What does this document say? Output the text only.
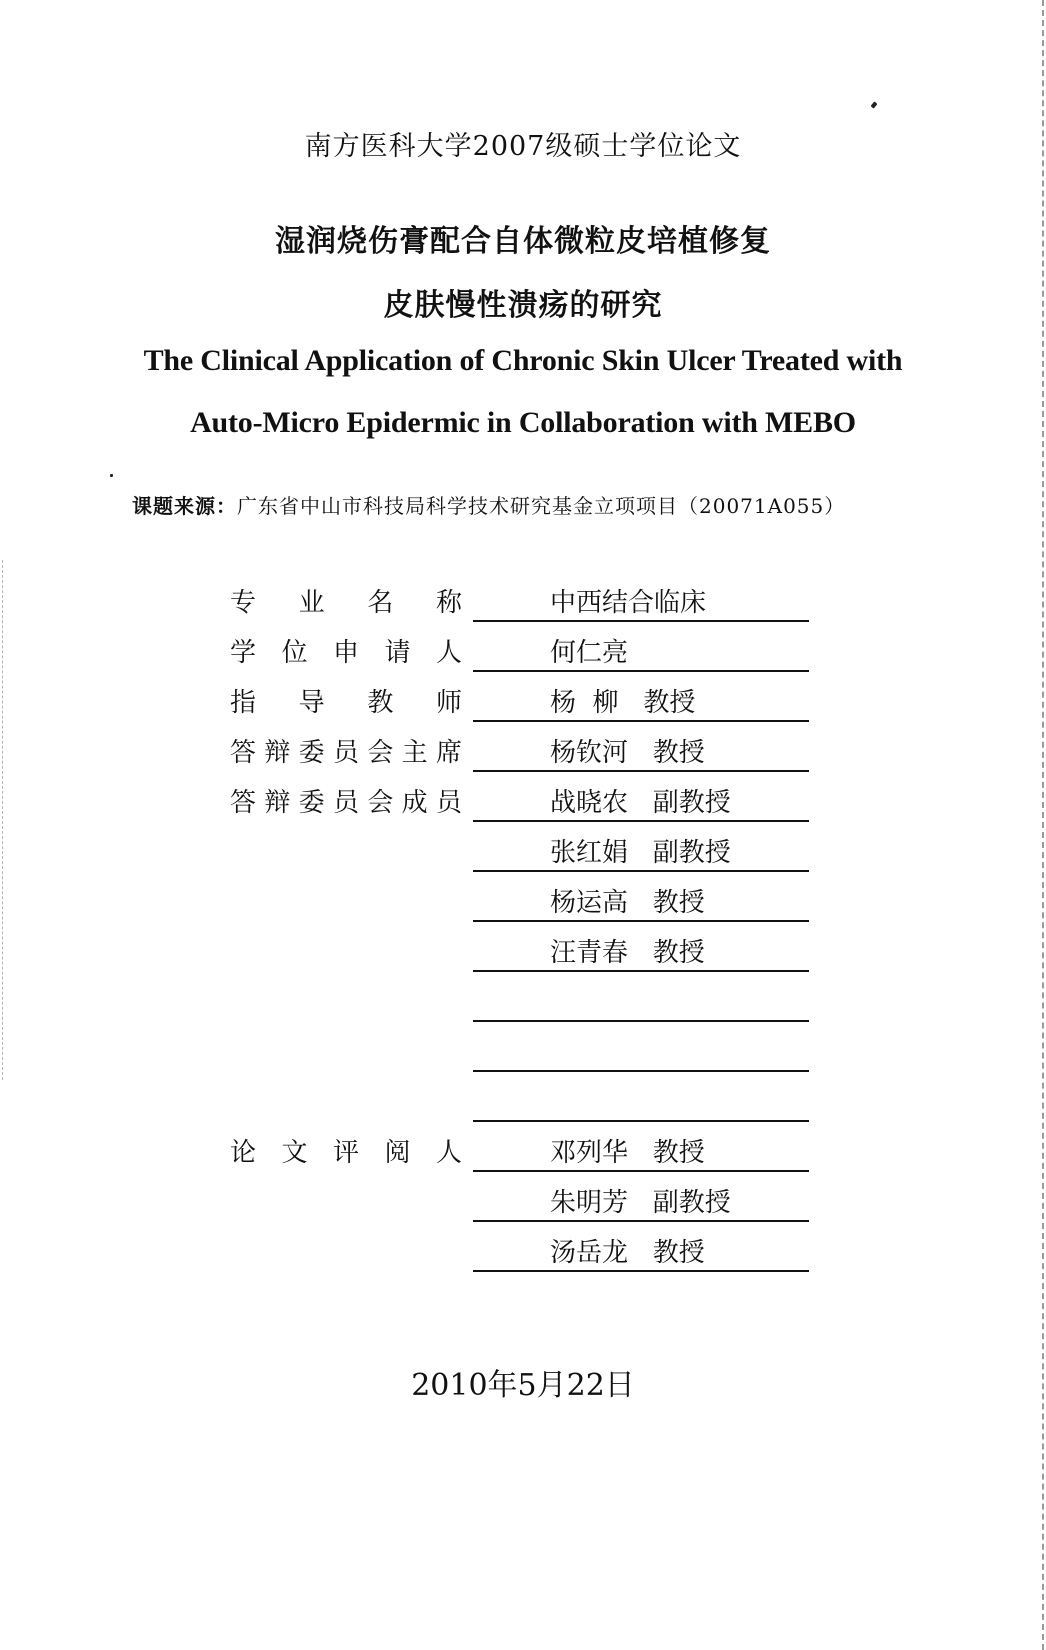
南方医科大学2007级硕士学位论文
湿润烧伤膏配合自体微粒皮培植修复
皮肤慢性溃疡的研究
The Clinical Application of Chronic Skin Ulcer Treated with
Auto-Micro Epidermic in Collaboration with MEBO
课题来源：广东省中山市科技局科学技术研究基金立项项目（20071A055）
专 业 名 称	中西结合临床
学 位 申 请 人	何仁亮
指 导 教 师	杨  柳   教授
答 辩 委 员 会 主 席	杨钦河   教授
答 辩 委 员 会 成 员	战晓农   副教授
张红娟   副教授
杨运高   教授
汪青春   教授
论 文 评 阅 人	邓列华   教授
朱明芳   副教授
汤岳龙   教授
2010年5月22日
